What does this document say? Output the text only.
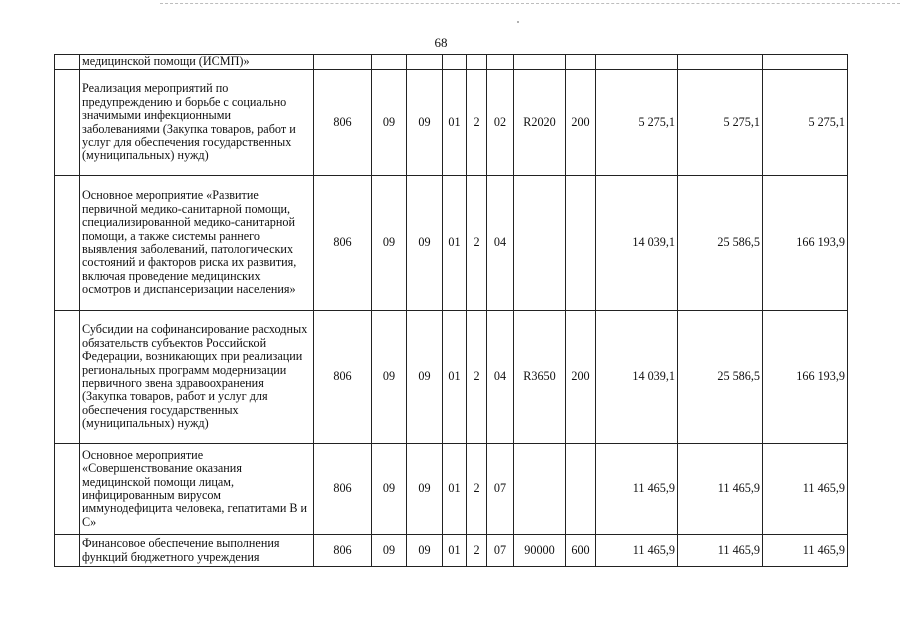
68
	медицинской помощи (ИСМП)»											
	Реализация мероприятий по предупреждению и борьбе с социально значимыми инфекционными заболеваниями (Закупка товаров, работ и услуг для обеспечения государственных (муниципальных) нужд)	806	09	09	01	2	02	R2020	200	5 275,1	5 275,1	5 275,1
	Основное мероприятие «Развитие первичной медико-санитарной помощи, специализированной медико-санитарной помощи, а также системы раннего выявления заболеваний, патологических состояний и факторов риска их развития, включая проведение медицинских осмотров и диспансеризации населения»	806	09	09	01	2	04			14 039,1	25 586,5	166 193,9
	Субсидии на софинансирование расходных обязательств субъектов Российской Федерации, возникающих при реализации региональных программ модернизации первичного звена здравоохранения (Закупка товаров, работ и услуг для обеспечения государственных (муниципальных) нужд)	806	09	09	01	2	04	R3650	200	14 039,1	25 586,5	166 193,9
	Основное мероприятие «Совершенствование оказания медицинской помощи лицам, инфицированным вирусом иммунодефицита человека, гепатитами В и С»	806	09	09	01	2	07			11 465,9	11 465,9	11 465,9
	Финансовое обеспечение выполнения функций бюджетного учреждения	806	09	09	01	2	07	90000	600	11 465,9	11 465,9	11 465,9
